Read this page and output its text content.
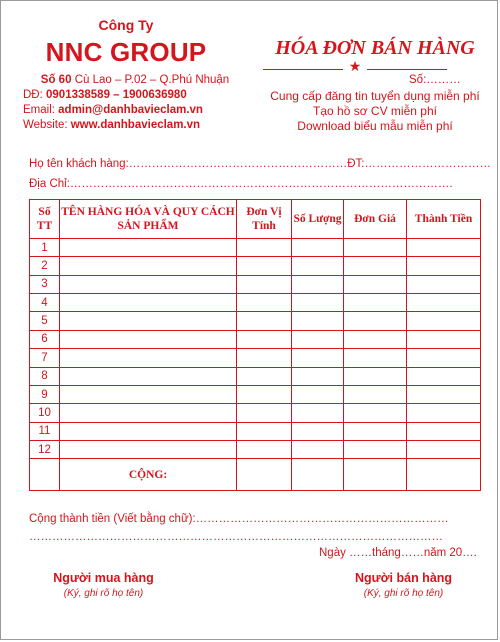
Công Ty
NNC GROUP
Số 60 Cù Lao – P.02 – Q.Phú Nhuận
DĐ: 0901338589 – 1900636980
Email: admin@danhbavieclam.vn
Website: www.danhbavieclam.vn
HÓA ĐƠN BÁN HÀNG
★
Số:………
Cung cấp đăng tin tuyển dụng miễn phí
Tạo hồ sơ CV miễn phí
Download biểu mẫu miễn phí
Họ tên khách hàng:…………………………………………………ĐT:……………………………
Địa Chỉ:……………………………………………………………………………………….
Số TT	TÊN HÀNG HÓA VÀ QUY CÁCH SẢN PHẨM	Đơn Vị Tính	Số Lượng	Đơn Giá	Thành Tiền
1					
2					
3					
4					
5					
6					
7					
8					
9					
10					
11					
12					
	CỘNG:				
Cộng thành tiền (Viết bằng chữ):…………………………………………………………
………………………………………………………………………………………………
Ngày ……tháng……năm 20….
Người mua hàng
(Ký, ghi rõ họ tên)
Người bán hàng
(Ký, ghi rõ họ tên)
